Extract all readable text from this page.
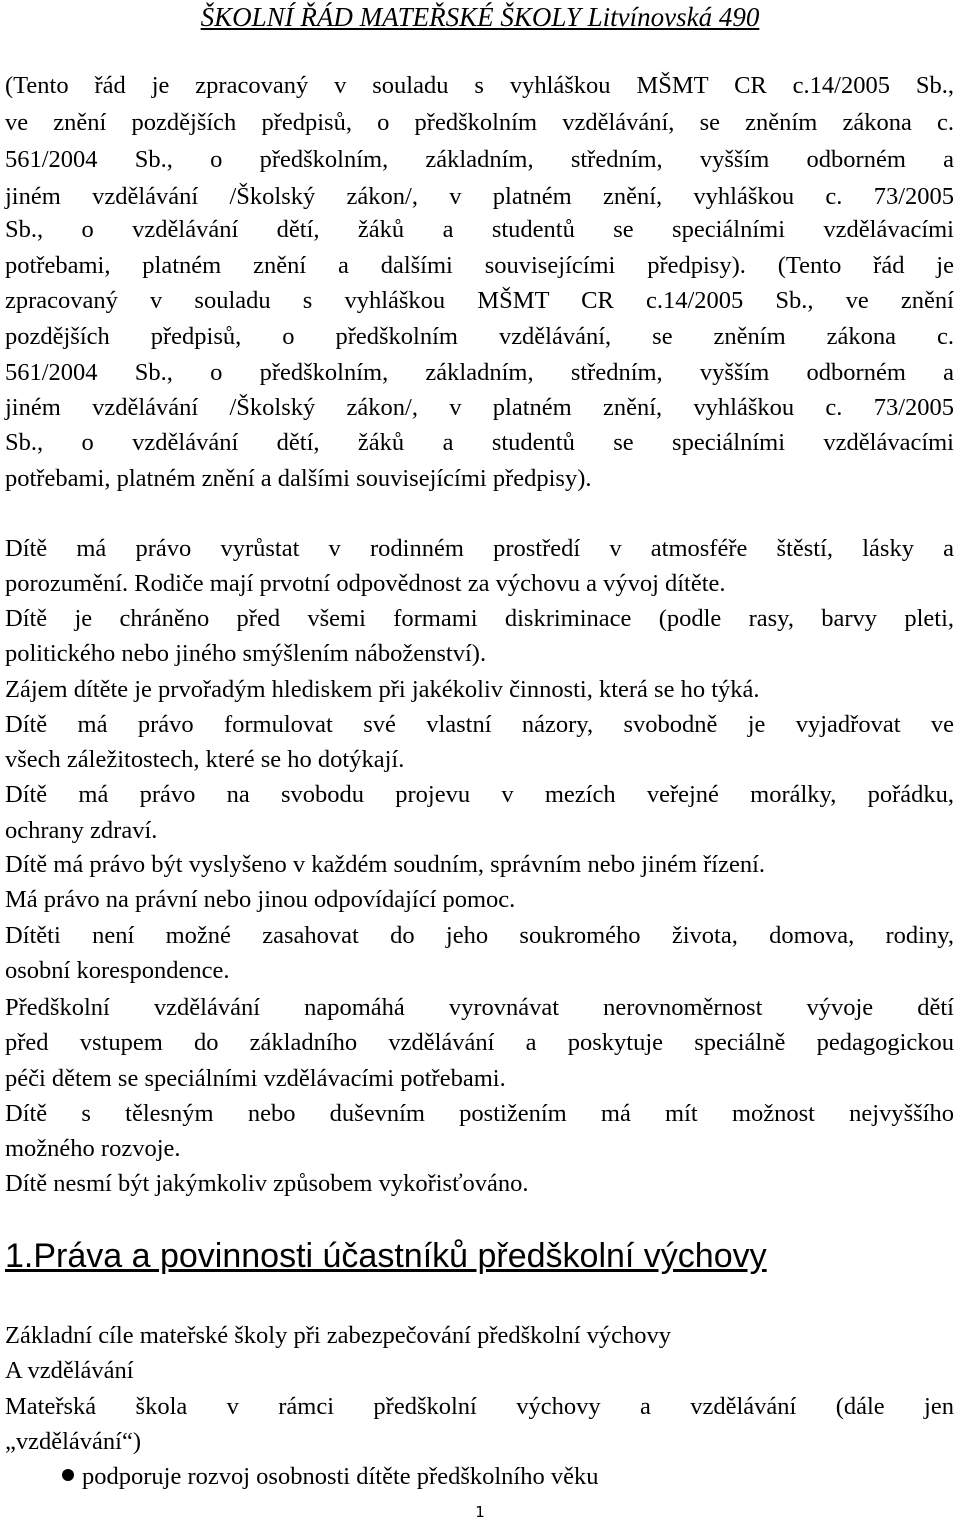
ŠKOLNÍ ŘÁD MATEŘSKÉ ŠKOLY Litvínovská 490
(Tento řád je zpracovaný v souladu s vyhláškou MŠMT CR c.14/2005 Sb.,
ve znění pozdějších předpisů, o předškolním vzdělávání, se zněním zákona c.
561/2004 Sb., o předškolním, základním, středním, vyšším odborném a
jiném vzdělávání /Školský zákon/, v platném znění, vyhláškou c. 73/2005
Sb., o vzdělávání dětí, žáků a studentů se speciálními vzdělávacími
potřebami, platném znění a dalšími souvisejícími předpisy). (Tento řád je
zpracovaný v souladu s vyhláškou MŠMT CR c.14/2005 Sb., ve znění
pozdějších předpisů, o předškolním vzdělávání, se zněním zákona c.
561/2004 Sb., o předškolním, základním, středním, vyšším odborném a
jiném vzdělávání /Školský zákon/, v platném znění, vyhláškou c. 73/2005
Sb., o vzdělávání dětí, žáků a studentů se speciálními vzdělávacími
potřebami, platném znění a dalšími souvisejícími předpisy).
Dítě má právo vyrůstat v rodinném prostředí v atmosféře štěstí, lásky a
porozumění. Rodiče mají prvotní odpovědnost za výchovu a vývoj dítěte.
Dítě je chráněno před všemi formami diskriminace (podle rasy, barvy pleti,
politického nebo jiného smýšlením náboženství).
Zájem dítěte je prvořadým hlediskem při jakékoliv činnosti, která se ho týká.
Dítě má právo formulovat své vlastní názory, svobodně je vyjadřovat ve
všech záležitostech, které se ho dotýkají.
Dítě má právo na svobodu projevu v mezích veřejné morálky, pořádku,
ochrany zdraví.
Dítě má právo být vyslyšeno v každém soudním, správním nebo jiném řízení.
Má právo na právní nebo jinou odpovídající pomoc.
Dítěti není možné zasahovat do jeho soukromého života, domova, rodiny,
osobní korespondence.
Předškolní vzdělávání napomáhá vyrovnávat nerovnoměrnost vývoje dětí
před vstupem do základního vzdělávání a poskytuje speciálně pedagogickou
péči dětem se speciálními vzdělávacími potřebami.
Dítě s tělesným nebo duševním postižením má mít možnost nejvyššího
možného rozvoje.
Dítě nesmí být jakýmkoliv způsobem vykořisťováno.
1.Práva a povinnosti účastníků předškolní výchovy
Základní cíle mateřské školy při zabezpečování předškolní výchovy
A vzdělávání
Mateřská škola v rámci předškolní výchovy a vzdělávání (dále jen
„vzdělávání“)
podporuje rozvoj osobnosti dítěte předškolního věku
1
